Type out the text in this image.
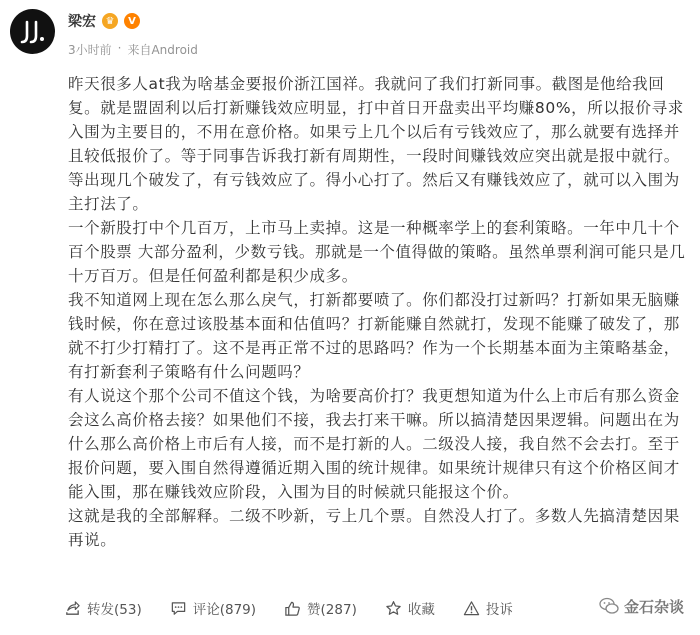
梁宏 ♛	V
3小时前 · 来自Android

昨天很多人at我为啥基金要报价浙江国祥。我就问了我们打新同事。截图是他给我回复。就是盟固利以后打新赚钱效应明显，打中首日开盘卖出平均赚80%，所以报价寻求入围为主要目的，不用在意价格。如果亏上几个以后有亏钱效应了，那么就要有选择并且较低报价了。等于同事告诉我打新有周期性，一段时间赚钱效应突出就是报中就行。等出现几个破发了，有亏钱效应了。得小心打了。然后又有赚钱效应了，就可以入围为主打法了。

一个新股打中个几百万，上市马上卖掉。这是一种概率学上的套利策略。一年中几十个百个股票 大部分盈利，少数亏钱。那就是一个值得做的策略。虽然单票利润可能只是几十万百万。但是任何盈利都是积少成多。

我不知道网上现在怎么那么戾气，打新都要喷了。你们都没打过新吗？打新如果无脑赚钱时候，你在意过该股基本面和估值吗？打新能赚自然就打，发现不能赚了破发了，那就不打少打精打了。这不是再正常不过的思路吗？作为一个长期基本面为主策略基金，有打新套利子策略有什么问题吗？

有人说这个那个公司不值这个钱，为啥要高价打？我更想知道为什么上市后有那么资金会这么高价格去接？如果他们不接，我去打来干嘛。所以搞清楚因果逻辑。问题出在为什么那么高价格上市后有人接，而不是打新的人。二级没人接，我自然不会去打。至于报价问题，要入围自然得遵循近期入围的统计规律。如果统计规律只有这个价格区间才能入围，那在赚钱效应阶段，入围为目的时候就只能报这个价。

这就是我的全部解释。二级不吵新，亏上几个票。自然没人打了。多数人先搞清楚因果再说。

转发(53)	评论(879)	赞(287)	收藏	投诉	金石杂谈
